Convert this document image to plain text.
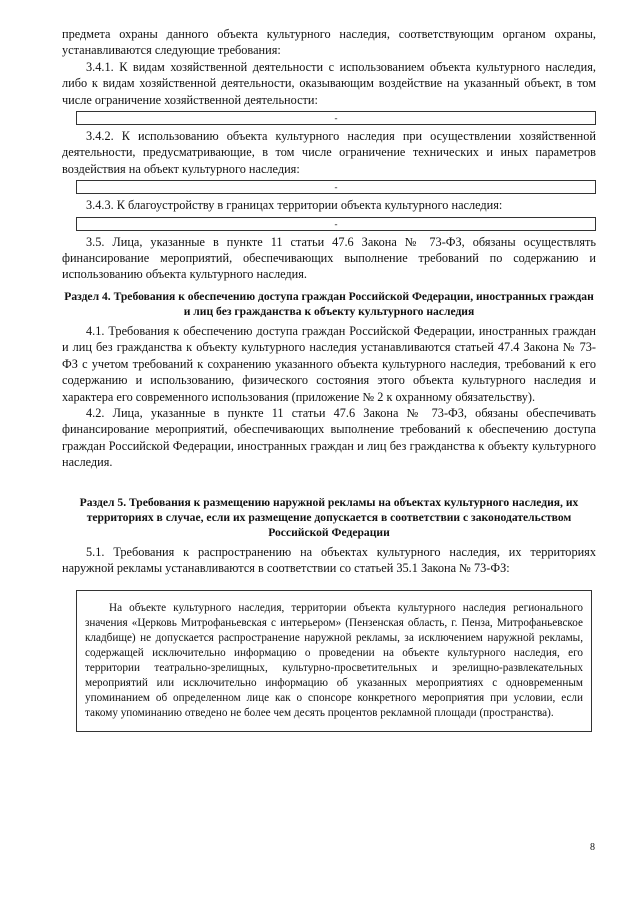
предмета охраны данного объекта культурного наследия, соответствующим органом охраны, устанавливаются следующие требования:

3.4.1. К видам хозяйственной деятельности с использованием объекта культурного наследия, либо к видам хозяйственной деятельности, оказывающим воздействие на указанный объект, в том числе ограничение хозяйственной деятельности:

-

3.4.2. К использованию объекта культурного наследия при осуществлении хозяйственной деятельности, предусматривающие, в том числе ограничение технических и иных параметров воздействия на объект культурного наследия:

-

3.4.3. К благоустройству в границах территории объекта культурного наследия:

-

3.5. Лица, указанные в пункте 11 статьи 47.6 Закона № 73-ФЗ, обязаны осуществлять финансирование мероприятий, обеспечивающих выполнение требований по содержанию и использованию объекта культурного наследия.

Раздел 4. Требования к обеспечению доступа граждан Российской Федерации, иностранных граждан и лиц без гражданства к объекту культурного наследия

4.1. Требования к обеспечению доступа граждан Российской Федерации, иностранных граждан и лиц без гражданства к объекту культурного наследия устанавливаются статьей 47.4 Закона № 73-ФЗ с учетом требований к сохранению указанного объекта культурного наследия, требований к его содержанию и использованию, физического состояния этого объекта культурного наследия и характера его современного использования (приложение № 2 к охранному обязательству).

4.2. Лица, указанные в пункте 11 статьи 47.6 Закона № 73-ФЗ, обязаны обеспечивать финансирование мероприятий, обеспечивающих выполнение требований к обеспечению доступа граждан Российской Федерации, иностранных граждан и лиц без гражданства к объекту культурного наследия.

Раздел 5. Требования к размещению наружной рекламы на объектах культурного наследия, их территориях в случае, если их размещение допускается в соответствии с законодательством Российской Федерации

5.1. Требования к распространению на объектах культурного наследия, их территориях наружной рекламы устанавливаются в соответствии со статьей 35.1 Закона № 73-ФЗ:

На объекте культурного наследия, территории объекта культурного наследия регионального значения «Церковь Митрофаньевская с интерьером» (Пензенская область, г. Пенза, Митрофаньевское кладбище) не допускается распространение наружной рекламы, за исключением наружной рекламы, содержащей исключительно информацию о проведении на объекте культурного наследия, его территории театрально-зрелищных, культурно-просветительных и зрелищно-развлекательных мероприятий или исключительно информацию об указанных мероприятиях с одновременным упоминанием об определенном лице как о спонсоре конкретного мероприятия при условии, если такому упоминанию отведено не более чем десять процентов рекламной площади (пространства).

8
